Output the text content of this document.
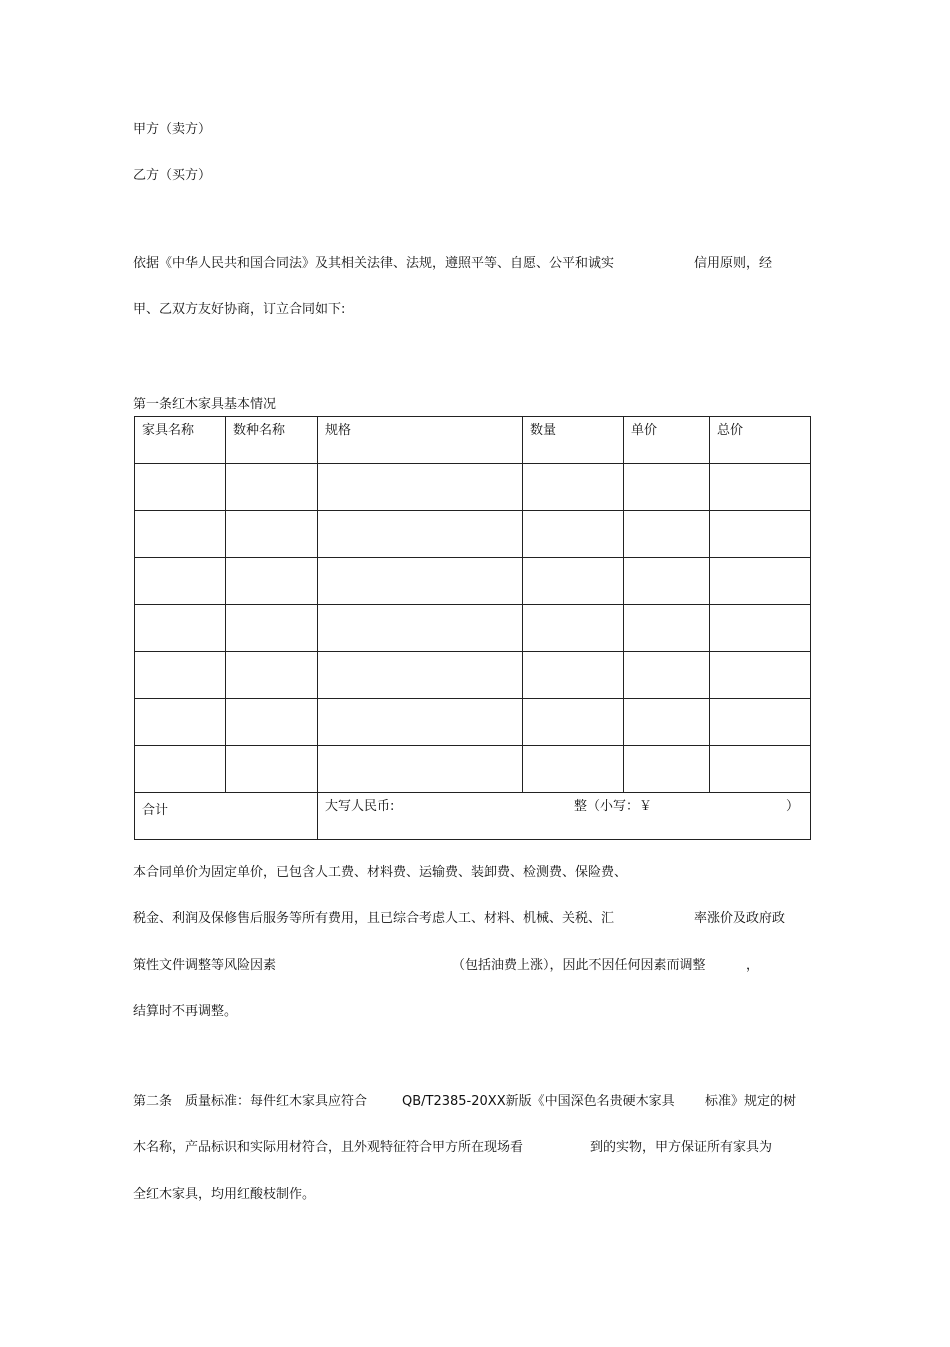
甲方（卖方）
乙方（买方）
依据《中华人民共和国合同法》及其相关法律、法规，遵照平等、自愿、公平和诚实	信用原则，经
甲、乙双方友好协商，订立合同如下:
第一条红木家具基本情况
家具名称	数种名称	规格	数量	单价	总价

合计		大写人民币: 整（小写：￥ ）			
本合同单价为固定单价，已包含人工费、材料费、运输费、装卸费、检测费、保险费、
税金、利润及保修售后服务等所有费用，且已综合考虑人工、材料、机械、关税、汇	率涨价及政府政
策性文件调整等风险因素	（包括油费上涨），因此不因任何因素而调整	，
结算时不再调整。
第二条　质量标准：每件红木家具应符合	QB/T2385-20XX新版《中国深色名贵硬木家具 标准》规定的树
木名称，产品标识和实际用材符合，且外观特征符合甲方所在现场看	到的实物，甲方保证所有家具为
全红木家具，均用红酸枝制作。
